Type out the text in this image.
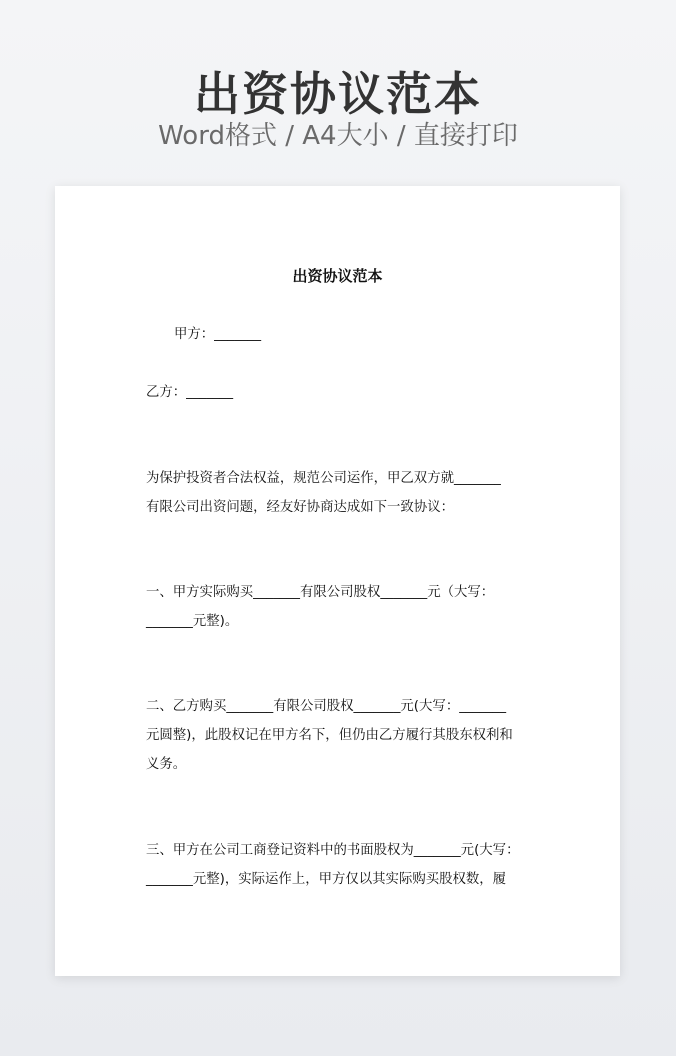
出资协议范本
Word格式 / A4大小 / 直接打印
出资协议范本
甲方：_______
乙方：_______
为保护投资者合法权益，规范公司运作，甲乙双方就_______
有限公司出资问题，经友好协商达成如下一致协议：
一、甲方实际购买_______有限公司股权_______元（大写：
_______元整)。
二、乙方购买_______有限公司股权_______元(大写：_______
元圆整)，此股权记在甲方名下，但仍由乙方履行其股东权利和
义务。
三、甲方在公司工商登记资料中的书面股权为_______元(大写：
_______元整)，实际运作上，甲方仅以其实际购买股权数，履
